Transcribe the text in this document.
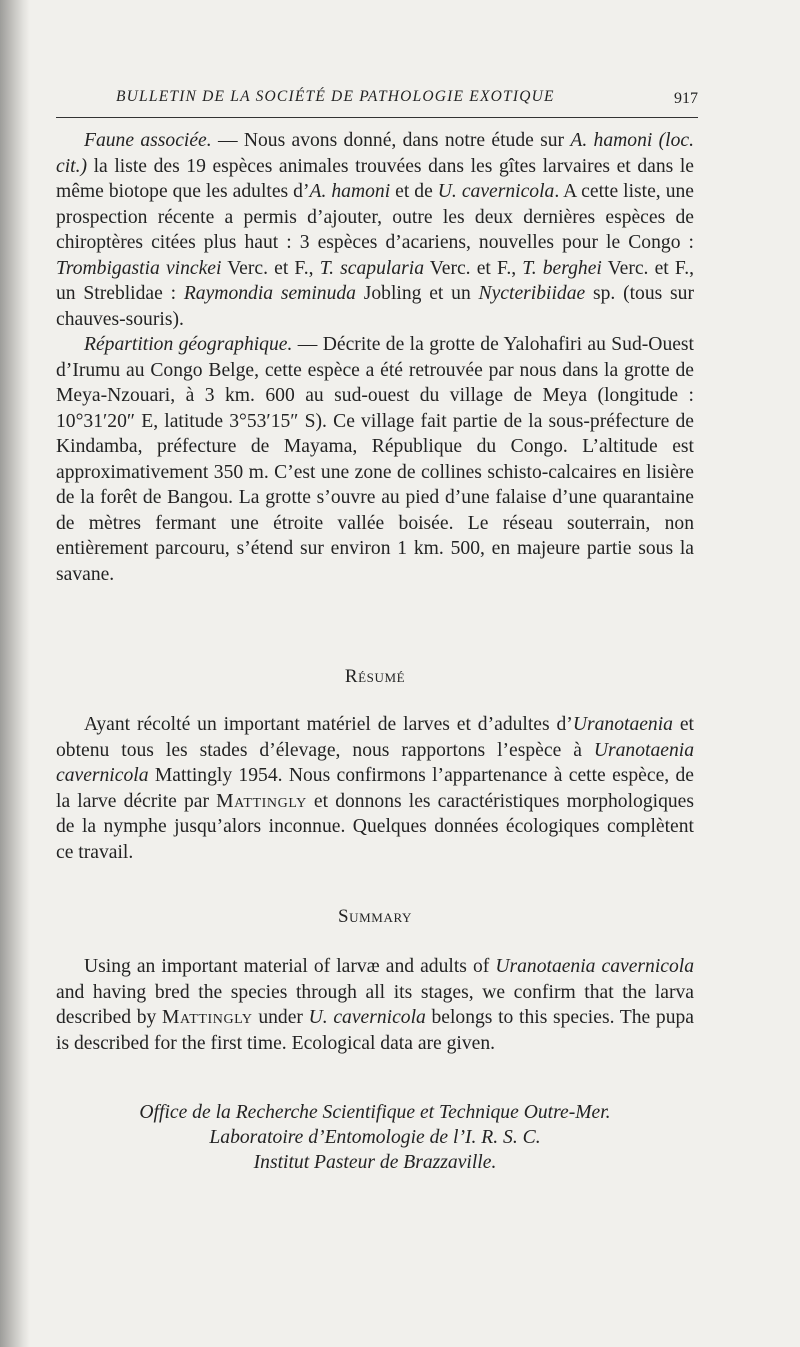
BULLETIN DE LA SOCIÉTÉ DE PATHOLOGIE EXOTIQUE	917

Faune associée. — Nous avons donné, dans notre étude sur A. hamoni (loc. cit.) la liste des 19 espèces animales trouvées dans les gîtes larvaires et dans le même biotope que les adultes d’A. hamoni et de U. cavernicola. A cette liste, une prospection récente a permis d’ajouter, outre les deux dernières espèces de chiroptères citées plus haut : 3 espèces d’acariens, nouvelles pour le Congo : Trombigastia vinckei Verc. et F., T. scapularia Verc. et F., T. berghei Verc. et F., un Streblidae : Raymondia seminuda Jobling et un Nycteribiidae sp. (tous sur chauves-souris).

Répartition géographique. — Décrite de la grotte de Yalohafiri au Sud-Ouest d’Irumu au Congo Belge, cette espèce a été retrouvée par nous dans la grotte de Meya-Nzouari, à 3 km. 600 au sud-ouest du village de Meya (longitude : 10°31′20″ E, latitude 3°53′15″ S). Ce village fait partie de la sous-préfecture de Kindamba, préfecture de Mayama, République du Congo. L’altitude est approximativement 350 m. C’est une zone de collines schisto-calcaires en lisière de la forêt de Bangou. La grotte s’ouvre au pied d’une falaise d’une quarantaine de mètres fermant une étroite vallée boisée. Le réseau souterrain, non entièrement parcouru, s’étend sur environ 1 km. 500, en majeure partie sous la savane.

Résumé

Ayant récolté un important matériel de larves et d’adultes d’Uranotaenia et obtenu tous les stades d’élevage, nous rapportons l’espèce à Uranotaenia cavernicola Mattingly 1954. Nous confirmons l’appartenance à cette espèce, de la larve décrite par Mattingly et donnons les caractéristiques morphologiques de la nymphe jusqu’alors inconnue. Quelques données écologiques complètent ce travail.

Summary

Using an important material of larvæ and adults of Uranotaenia cavernicola and having bred the species through all its stages, we confirm that the larva described by Mattingly under U. cavernicola belongs to this species. The pupa is described for the first time. Ecological data are given.

Office de la Recherche Scientifique et Technique Outre-Mer.
Laboratoire d’Entomologie de l’I. R. S. C.
Institut Pasteur de Brazzaville.
